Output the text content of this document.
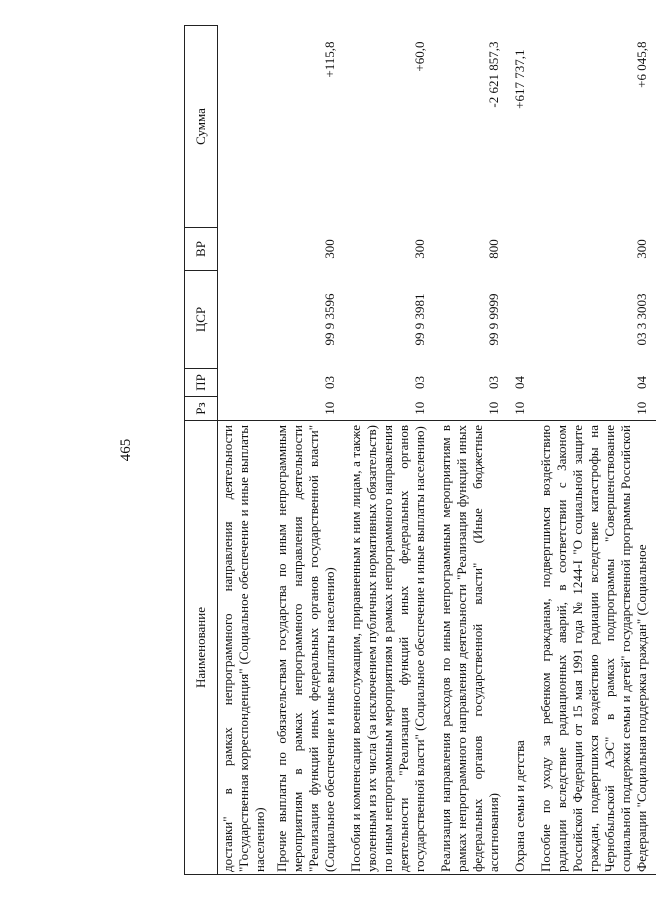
465
Наименование	Рз	ПР	ЦСР	ВР	Сумма
доставки" в рамках непрограммного направления деятельности "Государственная корреспонденция" (Социальное обеспечение и иные выплаты населению)					
Прочие выплаты по обязательствам государства по иным непрограммным мероприятиям в рамках непрограммного направления деятельности "Реализация функций иных федеральных органов государственной власти" (Социальное обеспечение и иные выплаты населению)	10	03	99 9 3596	300	+115,8
Пособия и компенсации военнослужащим, приравненным к ним лицам, а также уволенным из их числа (за исключением публичных нормативных обязательств) по иным непрограммным мероприятиям в рамках непрограммного направления деятельности "Реализация функций иных федеральных органов государственной власти" (Социальное обеспечение и иные выплаты населению)	10	03	99 9 3981	300	+60,0
Реализация направления расходов по иным непрограммным мероприятиям в рамках непрограммного направления деятельности "Реализация функций иных федеральных органов государственной власти" (Иные бюджетные ассигнования)	10	03	99 9 9999	800	-2 621 857,3
Охрана семьи и детства	10	04			+617 737,1
Пособие по уходу за ребенком гражданам, подвергшимся воздействию радиации вследствие радиационных аварий, в соответствии с Законом Российской Федерации от 15 мая 1991 года № 1244-I "О социальной защите граждан, подвергшихся воздействию радиации вследствие катастрофы на Чернобыльской АЭС" в рамках подпрограммы "Совершенствование социальной поддержки семьи и детей" государственной программы Российской Федерации "Социальная поддержка граждан" (Социальное	10	04	03 3 3003	300	+6 045,8
